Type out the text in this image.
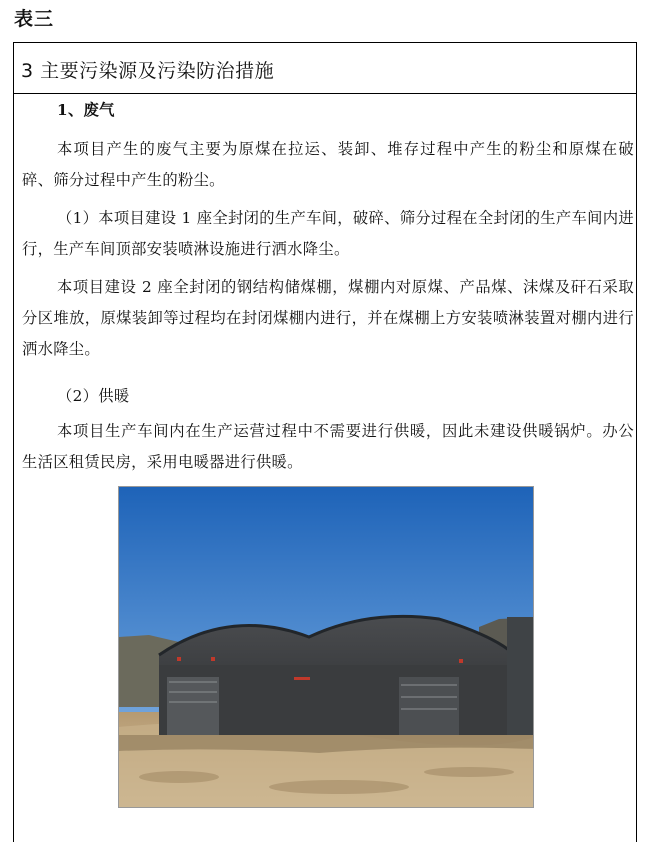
表三
3 主要污染源及污染防治措施
1、废气
本项目产生的废气主要为原煤在拉运、装卸、堆存过程中产生的粉尘和原煤在破碎、筛分过程中产生的粉尘。
（1）本项目建设 1 座全封闭的生产车间，破碎、筛分过程在全封闭的生产车间内进行，生产车间顶部安装喷淋设施进行洒水降尘。
本项目建设 2 座全封闭的钢结构储煤棚，煤棚内对原煤、产品煤、沫煤及矸石采取分区堆放，原煤装卸等过程均在封闭煤棚内进行，并在煤棚上方安装喷淋装置对棚内进行洒水降尘。
（2）供暖
本项目生产车间内在生产运营过程中不需要进行供暖，因此未建设供暖锅炉。办公生活区租赁民房，采用电暖器进行供暖。
